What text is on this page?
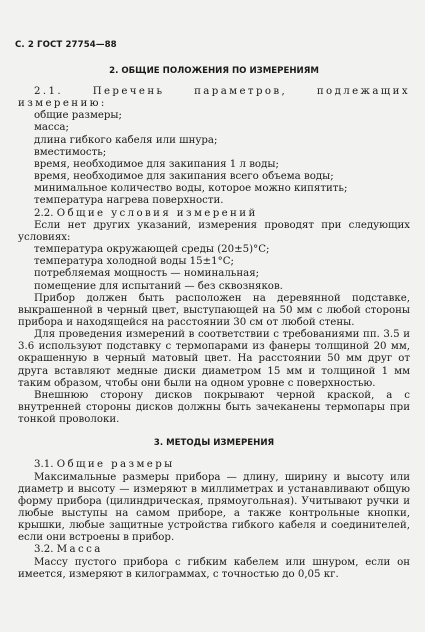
С. 2 ГОСТ 27754—88
2. ОБЩИЕ ПОЛОЖЕНИЯ ПО ИЗМЕРЕНИЯМ

2.1.	Перечень параметров, подлежащих измерению:

общие размеры;
масса;
длина гибкого кабеля или шнура;
вместимость;
время, необходимое для закипания 1 л воды;
время, необходимое для закипания всего объема воды;
минимальное количество воды, которое можно кипятить;
температура нагрева поверхности.

2.2. Общие условия измерений

Если нет других указаний, измерения проводят при следующих условиях:

температура окружающей среды (20±5)°С;
температура холодной воды 15±1°С;
потребляемая мощность — номинальная;
помещение для испытаний — без сквозняков.

Прибор должен быть расположен на деревянной подставке, выкрашенной в черный цвет, выступающей на 50 мм с любой стороны прибора и находящейся на расстоянии 30 см от любой стены.

Для проведения измерений в соответствии с требованиями пп. 3.5 и 3.6 используют подставку с термопарами из фанеры толщиной 20 мм, окрашенную в черный матовый цвет. На расстоянии 50 мм друг от друга вставляют медные диски диаметром 15 мм и толщиной 1 мм таким образом, чтобы они были на одном уровне с поверхностью.

Внешнюю сторону дисков покрывают черной краской, а с внутренней стороны дисков должны быть зачеканены термопары при тонкой проволоки.

3. МЕТОДЫ ИЗМЕРЕНИЯ

3.1. Общие размеры

Максимальные размеры прибора — длину, ширину и высоту или диаметр и высоту — измеряют в миллиметрах и устанавливают общую форму прибора (цилиндрическая, прямоугольная). Учитывают ручки и любые выступы на самом приборе, а также контрольные кнопки, крышки, любые защитные устройства гибкого кабеля и соединителей, если они встроены в прибор.

3.2. Масса

Массу пустого прибора с гибким кабелем или шнуром, если он имеется, измеряют в килограммах, с точностью до 0,05 кг.
